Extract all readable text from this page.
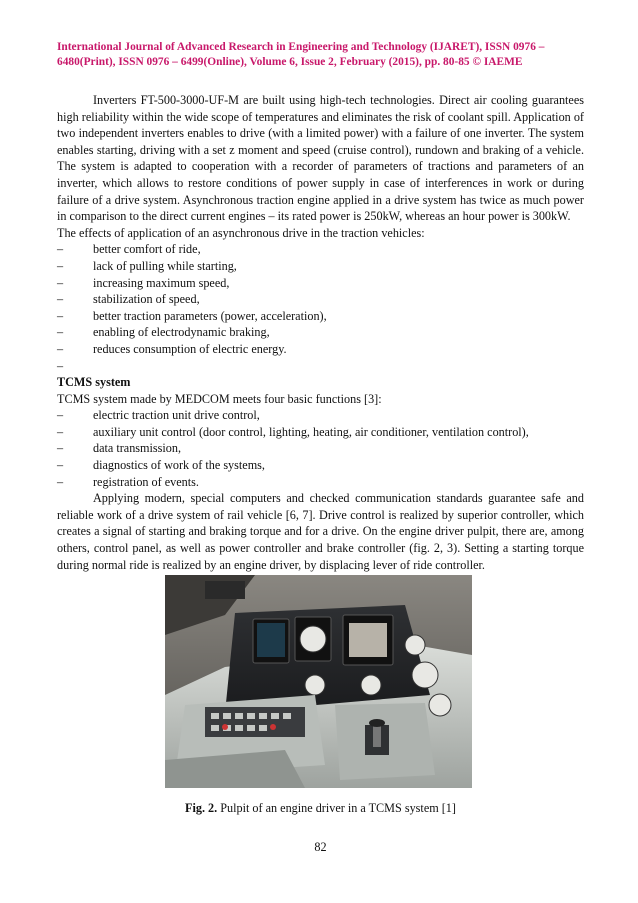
International Journal of Advanced Research in Engineering and Technology (IJARET), ISSN 0976 –
6480(Print), ISSN 0976 – 6499(Online), Volume 6, Issue 2, February (2015), pp. 80-85 © IAEME

Inverters FT-500-3000-UF-M are built using high-tech technologies. Direct air cooling guarantees high reliability within the wide scope of temperatures and eliminates the risk of coolant spill. Application of two independent inverters enables to drive (with a limited power) with a failure of one inverter. The system enables starting, driving with a set z moment and speed (cruise control), rundown and braking of a vehicle. The system is adapted to cooperation with a recorder of parameters of tractions and parameters of an inverter, which allows to restore conditions of power supply in case of interferences in work or during failure of a drive system. Asynchronous traction engine applied in a drive system has twice as much power in comparison to the direct current engines – its rated power is 250kW, whereas an hour power is 300kW.

The effects of application of an asynchronous drive in the traction vehicles:

– better comfort of ride,
– lack of pulling while starting,
– increasing maximum speed,
– stabilization of speed,
– better traction parameters (power, acceleration),
– enabling of electrodynamic braking,
– reduces consumption of electric energy.
–

TCMS system

TCMS system made by MEDCOM meets four basic functions [3]:

– electric traction unit drive control,
– auxiliary unit control (door control, lighting, heating, air conditioner, ventilation control),
– data transmission,
– diagnostics of work of the systems,
– registration of events.

Applying modern, special computers and checked communication standards guarantee safe and reliable work of a drive system of rail vehicle [6, 7]. Drive control is realized by superior controller, which creates a signal of starting and braking torque and for a drive. On the engine driver pulpit, there are, among others, control panel, as well as power controller and brake controller (fig. 2, 3). Setting a starting torque during normal ride is realized by an engine driver, by displacing lever of ride controller.

Fig. 2. Pulpit of an engine driver in a TCMS system [1]
82
